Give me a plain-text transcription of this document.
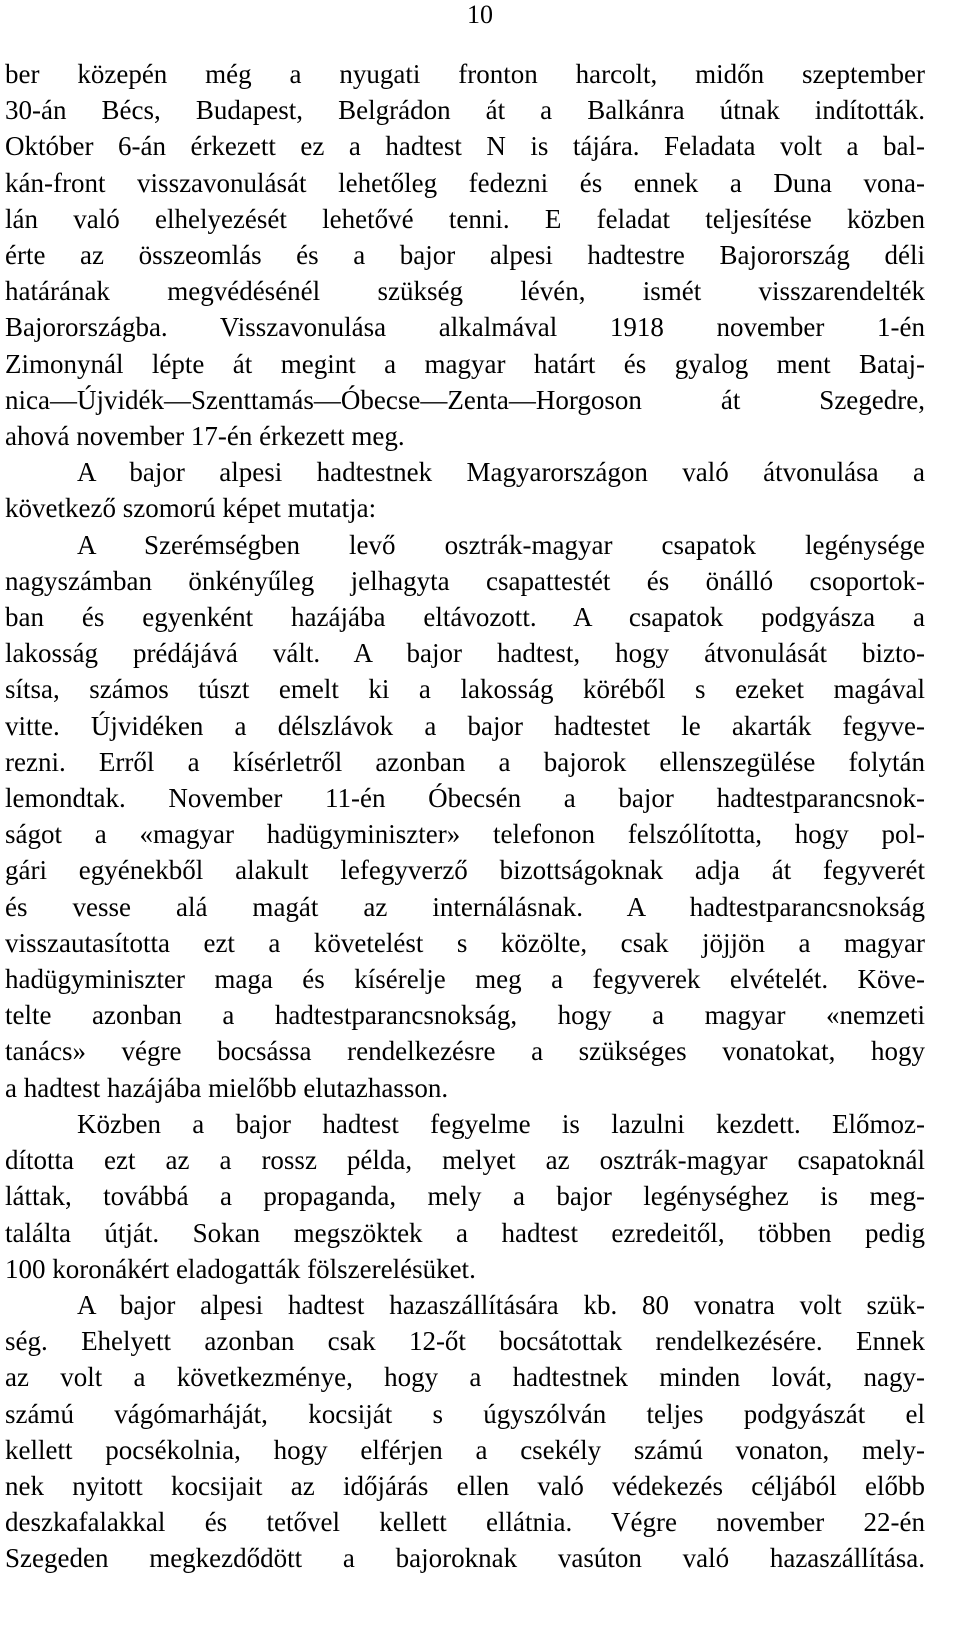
10
ber közepén még a nyugati fronton harcolt, midőn szeptember
30-án Bécs, Budapest, Belgrádon át a Balkánra útnak indították.
Október 6-án érkezett ez a hadtest N is tájára. Feladata volt a bal-
kán-front visszavonulását lehetőleg fedezni és ennek a Duna vona-
lán való elhelyezését lehetővé tenni. E feladat teljesítése közben
érte az összeomlás és a bajor alpesi hadtestre Bajorország déli
határának megvédésénél szükség lévén, ismét visszarendelték
Bajorországba. Visszavonulása alkalmával 1918 november 1-én
Zimonynál lépte át megint a magyar határt és gyalog ment Bataj-
nica—Újvidék—Szenttamás—Óbecse—Zenta—Horgoson át Szegedre,
ahová november 17-én érkezett meg.
A bajor alpesi hadtestnek Magyarországon való átvonulása a
következő szomorú képet mutatja:
A Szerémségben levő osztrák-magyar csapatok legénysége
nagyszámban önkényűleg jelhagyta csapattestét és önálló csoportok-
ban és egyenként hazájába eltávozott. A csapatok podgyásza a
lakosság prédájává vált. A bajor hadtest, hogy átvonulását bizto-
sítsa, számos túszt emelt ki a lakosság köréből s ezeket magával
vitte. Újvidéken a délszlávok a bajor hadtestet le akarták fegyve-
rezni. Erről a kísérletről azonban a bajorok ellenszegülése folytán
lemondtak. November 11-én Óbecsén a bajor hadtestparancsnok-
ságot a «magyar hadügyminiszter» telefonon felszólította, hogy pol-
gári egyénekből alakult lefegyverző bizottságoknak adja át fegyverét
és vesse alá magát az internálásnak. A hadtestparancsnokság
visszautasította ezt a követelést s közölte, csak jöjjön a magyar
hadügyminiszter maga és kísérelje meg a fegyverek elvételét. Köve-
telte azonban a hadtestparancsnokság, hogy a magyar «nemzeti
tanács» végre bocsássa rendelkezésre a szükséges vonatokat, hogy
a hadtest hazájába mielőbb elutazhasson.
Közben a bajor hadtest fegyelme is lazulni kezdett. Előmoz-
dította ezt az a rossz példa, melyet az osztrák-magyar csapatoknál
láttak, továbbá a propaganda, mely a bajor legénységhez is meg-
találta útját. Sokan megszöktek a hadtest ezredeitől, többen pedig
100 koronákért eladogatták fölszerelésüket.
A bajor alpesi hadtest hazaszállítására kb. 80 vonatra volt szük-
ség. Ehelyett azonban csak 12-őt bocsátottak rendelkezésére. Ennek
az volt a következménye, hogy a hadtestnek minden lovát, nagy-
számú vágómarháját, kocsiját s úgyszólván teljes podgyászát el
kellett pocsékolnia, hogy elférjen a csekély számú vonaton, mely-
nek nyitott kocsijait az időjárás ellen való védekezés céljából előbb
deszkafalakkal és tetővel kellett ellátnia. Végre november 22-én
Szegeden megkezdődött a bajoroknak vasúton való hazaszállítása.
